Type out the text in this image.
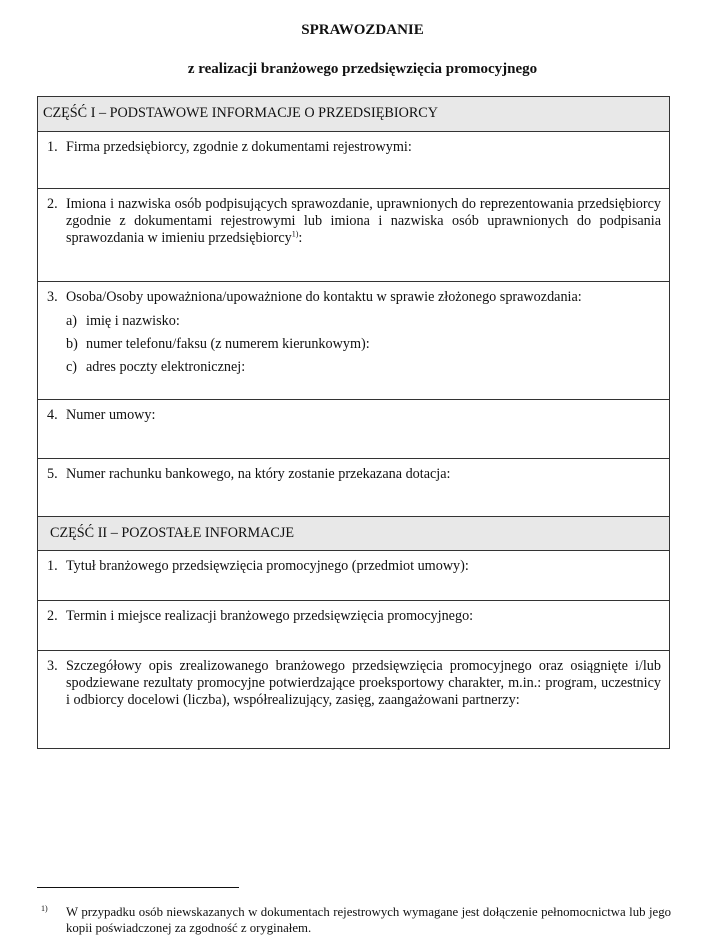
SPRAWOZDANIE
z realizacji branżowego przedsięwzięcia promocyjnego
CZĘŚĆ I – PODSTAWOWE INFORMACJE O PRZEDSIĘBIORCY
1. Firma przedsiębiorcy, zgodnie z dokumentami rejestrowymi:
2. Imiona i nazwiska osób podpisujących sprawozdanie, uprawnionych do reprezentowania przedsiębiorcy zgodnie z dokumentami rejestrowymi lub imiona i nazwiska osób uprawnionych do podpisania sprawozdania w imieniu przedsiębiorcy$^{1)}$:
3. Osoba/Osoby upoważniona/upoważnione do kontaktu w sprawie złożonego sprawozdania:
a) imię i nazwisko:
b) numer telefonu/faksu (z numerem kierunkowym):
c) adres poczty elektronicznej:
4. Numer umowy:
5. Numer rachunku bankowego, na który zostanie przekazana dotacja:
CZĘŚĆ II – POZOSTAŁE INFORMACJE
1. Tytuł branżowego przedsięwzięcia promocyjnego (przedmiot umowy):
2. Termin i miejsce realizacji branżowego przedsięwzięcia promocyjnego:
3. Szczegółowy opis zrealizowanego branżowego przedsięwzięcia promocyjnego oraz osiągnięte i/lub spodziewane rezultaty promocyjne potwierdzające proeksportowy charakter, m.in.: program, uczestnicy i odbiorcy docelowi (liczba), współrealizujący, zasięg, zaangażowani partnerzy:
1)	W przypadku osób niewskazanych w dokumentach rejestrowych wymagane jest dołączenie pełnomocnictwa lub jego kopii poświadczonej za zgodność z oryginałem.
